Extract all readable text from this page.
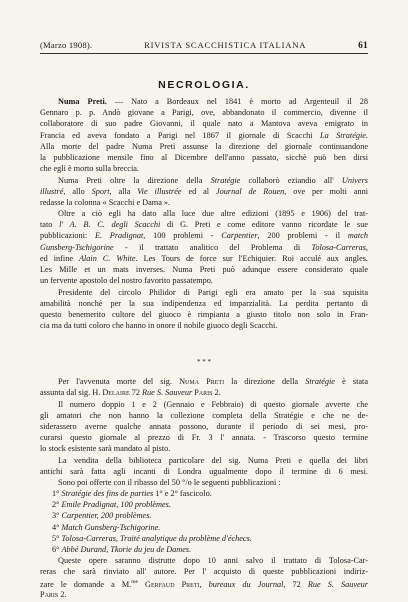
(Marzo 1908).	RIVISTA SCACCHISTICA ITALIANA	61
NECROLOGIA.
Numa Preti. — Nato a Bordeaux nel 1841 è morto ad Argenteuil il 28
Gennaro p. p. Andò giovane a Parigi, ove, abbandonato il commercio, divenne il
collaboratore di suo padre Giovanni, il quale nato a Mantova aveva emigrato in
Francia ed aveva fondato a Parigi nel 1867 il giornale di Scacchi La Stratégie.
Alla morte del padre Numa Preti assunse la direzione del giornale continuandone
la pubblicazione mensile fino al Dicembre dell'anno passato, sicchè può ben dirsi
che egli è morto sulla breccia.
Numa Preti oltre la direzione della Stratégie collaborò eziandio all' Univers
illustré, allo Sport, alla Vie illustrée ed al Journal de Rouen, ove per molti anni
redasse la colonna « Scacchi e Dama ».
Oltre a ciò egli ha dato alla luce due altre edizioni (1895 e 1906) del trat-
tato l' A. B. C. degli Scacchi di G. Preti e come editore vanno ricordate le sue
pubblicazioni: E. Pradignat, 100 problemi - Carpentier, 200 problemi - il match
Gunsberg-Tschigorine - il trattato analitico del Problema di Tolosa-Carreras,
ed infine Alain C. White. Les Tours de force sur l'Echiquier. Roi acculé aux angles.
Les Mille et un mats inverses. Numa Preti può adunque essere considerato quale
un fervente apostolo del nostro favorito passatempo.
Presidente del circolo Philidor di Parigi egli era amato per la sua squisita
amabilità nonchè per la sua indipendenza ed imparzialità. La perdita pertanto di
questo benemerito cultore del giuoco è rimpianta a giusto titolo non solo in Fran-
cia ma da tutti coloro che hanno in onore il nobile giuoco degli Scacchi.
* * *
Per l'avvenuta morte del sig. Numa Preti la direzione della Stratégie è stata
assunta dal sig. H. Delaire 72 Rue S. Sauveur Paris 2.
Il numero doppio 1 e 2 (Gennaio e Febbraio) di questo giornale avverte che
gli amatori che non hanno la collezione completa della Stratégie e che ne de-
siderassero averne qualche annata possono, durante il periodo di sei mesi, pro-
curarsi questo giornale al prezzo di Fr. 3 l' annata. - Trascorso questo termine
lo stock esistente sarà mandato al pisto.
La vendita della biblioteca particolare del sig. Numa Preti e quella dei libri
antichi sarà fatta agli incanti di Londra ugualmente dopo il termine di 6 mesi.
Sono poi offerte con il ribasso del 50 °/o le seguenti pubblicazioni :
1° Stratégie des fins de parties 1° e 2° fascicolo.
2° Emile Pradignat, 100 problèmes.
3° Carpentier, 200 problèmes.
4° Match Gunsberg-Tschigorine.
5° Tolosa-Carreras, Traité analytique du problème d'échecs.
6° Abbé Durand, Tkorie du jeu de Dames.
Queste opere saranno distrutte dopo 10 anni salvo il trattato di Tolosa-Car-
reras che sarà rinviato all' autore. Per l' acquisto di queste pubblicazioni indiriz-
zare le domande a M.$^{me}$ Gerfaud Preti, bureaux du Journal, 72 Rue S. Sauveur
Paris 2.
